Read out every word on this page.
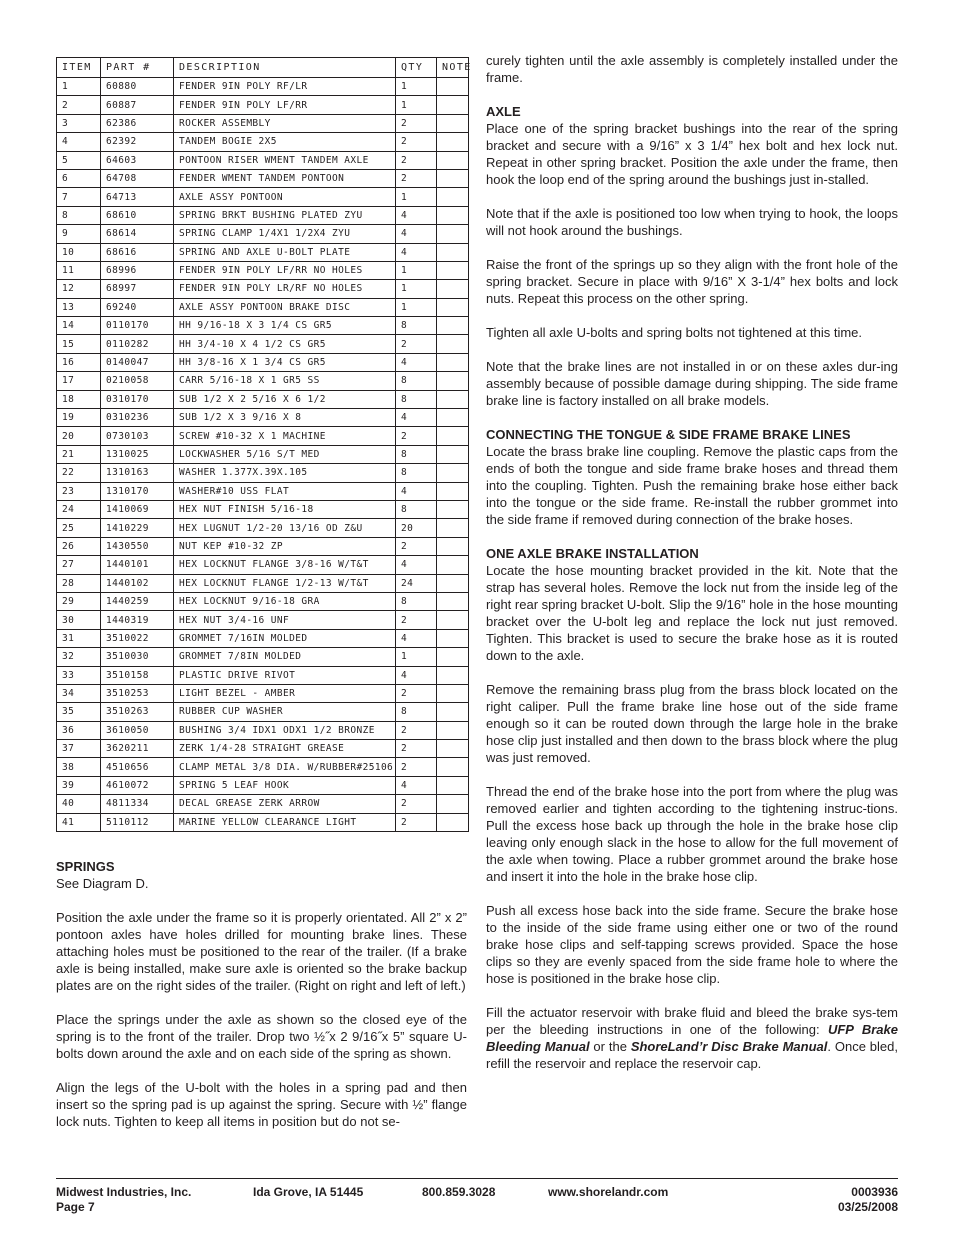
ITEM	PART #	DESCRIPTION	QTY	NOTE
1	60880	FENDER 9IN POLY RF/LR	1	
2	60887	FENDER 9IN POLY LF/RR	1	
3	62386	ROCKER ASSEMBLY	2	
4	62392	TANDEM BOGIE 2X5	2	
5	64603	PONTOON RISER WMENT TANDEM AXLE	2	
6	64708	FENDER WMENT TANDEM PONTOON	2	
7	64713	AXLE ASSY PONTOON	1	
8	68610	SPRING BRKT BUSHING PLATED ZYU	4	
9	68614	SPRING CLAMP 1/4X1 1/2X4 ZYU	4	
10	68616	SPRING AND AXLE U-BOLT PLATE	4	
11	68996	FENDER 9IN POLY LF/RR NO HOLES	1	
12	68997	FENDER 9IN POLY LR/RF NO HOLES	1	
13	69240	AXLE ASSY PONTOON BRAKE DISC	1	
14	0110170	HH 9/16-18 X 3 1/4 CS GR5	8	
15	0110282	HH 3/4-10 X 4 1/2 CS GR5	2	
16	0140047	HH 3/8-16 X 1 3/4 CS GR5	4	
17	0210058	CARR 5/16-18 X 1 GR5 SS	8	
18	0310170	SUB 1/2 X 2 5/16 X 6 1/2	8	
19	0310236	SUB 1/2 X 3 9/16 X 8	4	
20	0730103	SCREW #10-32 X 1 MACHINE	2	
21	1310025	LOCKWASHER 5/16 S/T MED	8	
22	1310163	WASHER 1.377X.39X.105	8	
23	1310170	WASHER#10 USS FLAT	4	
24	1410069	HEX NUT FINISH 5/16-18	8	
25	1410229	HEX LUGNUT 1/2-20 13/16 OD Z&U	20	
26	1430550	NUT KEP #10-32 ZP	2	
27	1440101	HEX LOCKNUT FLANGE 3/8-16 W/T&T	4	
28	1440102	HEX LOCKNUT FLANGE 1/2-13 W/T&T	24	
29	1440259	HEX LOCKNUT 9/16-18 GRA	8	
30	1440319	HEX NUT 3/4-16 UNF	2	
31	3510022	GROMMET 7/16IN MOLDED	4	
32	3510030	GROMMET 7/8IN MOLDED	1	
33	3510158	PLASTIC DRIVE RIVOT	4	
34	3510253	LIGHT BEZEL - AMBER	2	
35	3510263	RUBBER CUP WASHER	8	
36	3610050	BUSHING 3/4 IDX1 ODX1 1/2 BRONZE	2	
37	3620211	ZERK 1/4-28 STRAIGHT GREASE	2	
38	4510656	CLAMP METAL 3/8 DIA. W/RUBBER#25106	2	
39	4610072	SPRING 5 LEAF HOOK	4	
40	4811334	DECAL GREASE ZERK ARROW	2	
41	5110112	MARINE YELLOW CLEARANCE LIGHT	2	
SPRINGS

See Diagram D.

Position the axle under the frame so it is properly orientated. All 2” x 2” pontoon axles have holes drilled for mounting brake lines. These attaching holes must be positioned to the rear of the trailer. (If a brake axle is being installed, make sure axle is oriented so the brake backup plates are on the right sides of the trailer. (Right on right and left of left.)

Place the springs under the axle as shown so the closed eye of the spring is to the front of the trailer. Drop two ½˝x 2 9/16˝x 5” square U-bolts down around the axle and on each side of the spring as shown.

Align the legs of the U-bolt with the holes in a spring pad and then insert so the spring pad is up against the spring. Secure with ½” flange lock nuts. Tighten to keep all items in position but do not se-

curely tighten until the axle assembly is completely installed under the frame.

AXLE

Place one of the spring bracket bushings into the rear of the spring bracket and secure with a 9/16” x 3 1/4” hex bolt and hex lock nut. Repeat in other spring bracket. Position the axle under the frame, then hook the loop end of the spring around the bushings just in-stalled.

Note that if the axle is positioned too low when trying to hook, the loops will not hook around the bushings.

Raise the front of the springs up so they align with the front hole of the spring bracket. Secure in place with 9/16” X 3-1/4” hex bolts and lock nuts. Repeat this process on the other spring.

Tighten all axle U-bolts and spring bolts not tightened at this time.

Note that the brake lines are not installed in or on these axles dur-ing assembly because of possible damage during shipping. The side frame brake line is factory installed on all brake models.

CONNECTING THE TONGUE & SIDE FRAME BRAKE LINES

Locate the brass brake line coupling. Remove the plastic caps from the ends of both the tongue and side frame brake hoses and thread them into the coupling. Tighten. Push the remaining brake hose either back into the tongue or the side frame. Re-install the rubber grommet into the side frame if removed during connection of the brake hoses.

ONE AXLE BRAKE INSTALLATION

Locate the hose mounting bracket provided in the kit. Note that the strap has several holes. Remove the lock nut from the inside leg of the right rear spring bracket U-bolt. Slip the 9/16” hole in the hose mounting bracket over the U-bolt leg and replace the lock nut just removed. Tighten. This bracket is used to secure the brake hose as it is routed down to the axle.

Remove the remaining brass plug from the brass block located on the right caliper. Pull the frame brake line hose out of the side frame enough so it can be routed down through the large hole in the brake hose clip just installed and then down to the brass block where the plug was just removed.

Thread the end of the brake hose into the port from where the plug was removed earlier and tighten according to the tightening instruc-tions. Pull the excess hose back up through the hole in the brake hose clip leaving only enough slack in the hose to allow for the full movement of the axle when towing. Place a rubber grommet around the brake hose and insert it into the hole in the brake hose clip.

Push all excess hose back into the side frame. Secure the brake hose to the inside of the side frame using either one or two of the round brake hose clips and self-tapping screws provided. Space the hose clips so they are evenly spaced from the side frame hole to where the hose is positioned in the brake hose clip.

Fill the actuator reservoir with brake fluid and bleed the brake sys-tem per the bleeding instructions in one of the following: UFP Brake Bleeding Manual or the ShoreLand’r Disc Brake Manual. Once bled, refill the reservoir and replace the reservoir cap.

Midwest Industries, Inc.
Page 7
Ida Grove, IA 51445	800.859.3028	www.shorelandr.com	0003936
03/25/2008
